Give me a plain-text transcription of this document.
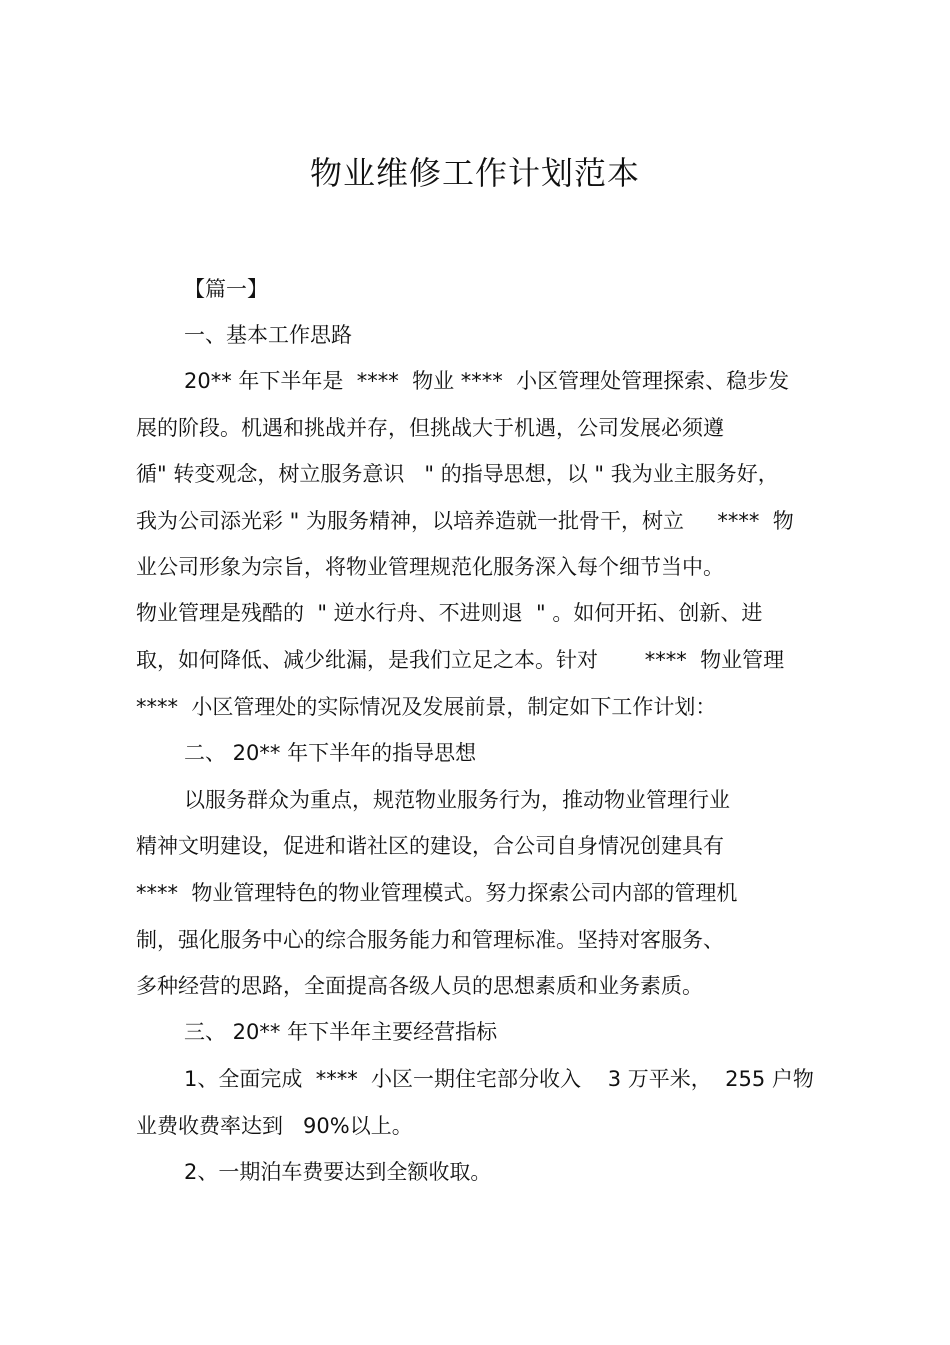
物业维修工作计划范本
【篇一】
一、基本工作思路
20** 年下半年是  ****  物业 ****  小区管理处管理探索、稳步发
展的阶段。机遇和挑战并存，但挑战大于机遇，公司发展必须遵
循" 转变观念，树立服务意识   " 的指导思想，以 " 我为业主服务好，
我为公司添光彩 " 为服务精神，以培养造就一批骨干，树立     ****  物
业公司形象为宗旨，将物业管理规范化服务深入每个细节当中。
物业管理是残酷的  " 逆水行舟、不进则退  " 。如何开拓、创新、进
取，如何降低、减少纰漏，是我们立足之本。针对       ****  物业管理
****  小区管理处的实际情况及发展前景，制定如下工作计划：
二、 20** 年下半年的指导思想
以服务群众为重点，规范物业服务行为，推动物业管理行业
精神文明建设，促进和谐社区的建设，合公司自身情况创建具有
****  物业管理特色的物业管理模式。努力探索公司内部的管理机
制，强化服务中心的综合服务能力和管理标准。坚持对客服务、
多种经营的思路，全面提高各级人员的思想素质和业务素质。
三、 20** 年下半年主要经营指标
1、全面完成  ****  小区一期住宅部分收入    3 万平米，  255 户物
业费收费率达到   90%以上。
2、一期泊车费要达到全额收取。
